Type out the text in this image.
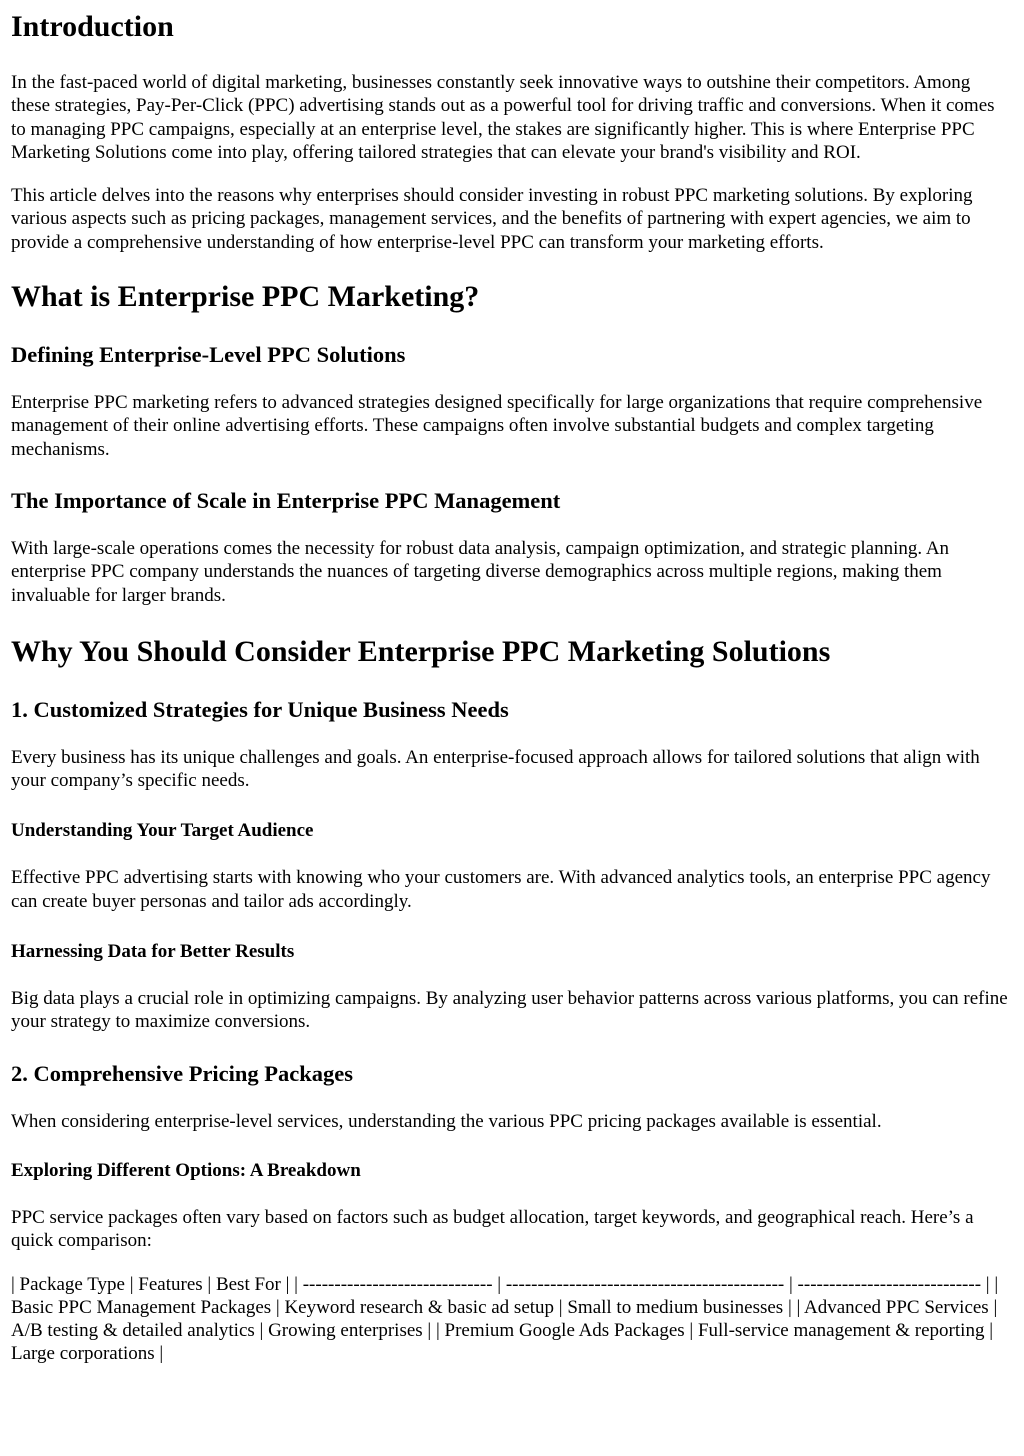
Introduction

In the fast-paced world of digital marketing, businesses constantly seek innovative ways to outshine their competitors. Among these strategies, Pay-Per-Click (PPC) advertising stands out as a powerful tool for driving traffic and conversions. When it comes to managing PPC campaigns, especially at an enterprise level, the stakes are significantly higher. This is where Enterprise PPC Marketing Solutions come into play, offering tailored strategies that can elevate your brand's visibility and ROI.

This article delves into the reasons why enterprises should consider investing in robust PPC marketing solutions. By exploring various aspects such as pricing packages, management services, and the benefits of partnering with expert agencies, we aim to provide a comprehensive understanding of how enterprise-level PPC can transform your marketing efforts.

What is Enterprise PPC Marketing?
Defining Enterprise-Level PPC Solutions

Enterprise PPC marketing refers to advanced strategies designed specifically for large organizations that require comprehensive management of their online advertising efforts. These campaigns often involve substantial budgets and complex targeting mechanisms.

The Importance of Scale in Enterprise PPC Management

With large-scale operations comes the necessity for robust data analysis, campaign optimization, and strategic planning. An enterprise PPC company understands the nuances of targeting diverse demographics across multiple regions, making them invaluable for larger brands.

Why You Should Consider Enterprise PPC Marketing Solutions
1. Customized Strategies for Unique Business Needs

Every business has its unique challenges and goals. An enterprise-focused approach allows for tailored solutions that align with your company’s specific needs.

Understanding Your Target Audience

Effective PPC advertising starts with knowing who your customers are. With advanced analytics tools, an enterprise PPC agency can create buyer personas and tailor ads accordingly.

Harnessing Data for Better Results

Big data plays a crucial role in optimizing campaigns. By analyzing user behavior patterns across various platforms, you can refine your strategy to maximize conversions.

2. Comprehensive Pricing Packages

When considering enterprise-level services, understanding the various PPC pricing packages available is essential.

Exploring Different Options: A Breakdown

PPC service packages often vary based on factors such as budget allocation, target keywords, and geographical reach. Here’s a quick comparison:

| Package Type | Features | Best For | | ------------------------------ | -------------------------------------------- | ----------------------------- | | Basic PPC Management Packages | Keyword research & basic ad setup | Small to medium businesses | | Advanced PPC Services | A/B testing & detailed analytics | Growing enterprises | | Premium Google Ads Packages | Full-service management & reporting | Large corporations |
